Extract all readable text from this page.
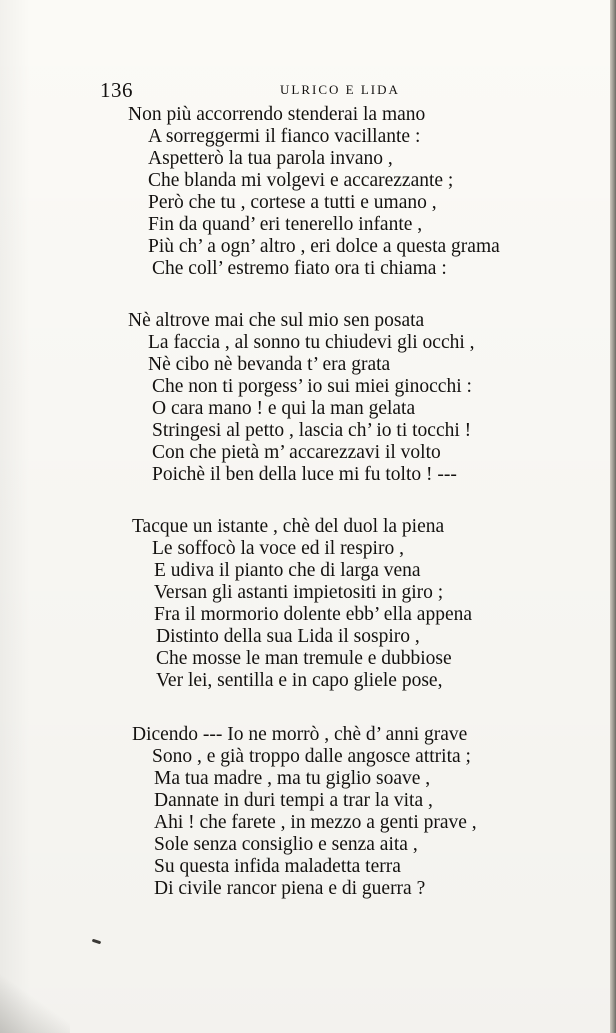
136	ULRICO E LIDA
Non più accorrendo stenderai la mano
A sorreggermi il fianco vacillante :
Aspetterò la tua parola invano ,
Che blanda mi volgevi e accarezzante ;
Però che tu , cortese a tutti e umano ,
Fin da quand’ eri tenerello infante ,
Più ch’ a ogn’ altro , eri dolce a questa grama
Che coll’ estremo fiato ora ti chiama :
Nè altrove mai che sul mio sen posata
La faccia , al sonno tu chiudevi gli occhi ,
Nè cibo nè bevanda t’ era grata
Che non ti porgess’ io sui miei ginocchi :
O cara mano ! e qui la man gelata
Stringesi al petto , lascia ch’ io ti tocchi !
Con che pietà m’ accarezzavi il volto
Poichè il ben della luce mi fu tolto ! ---
Tacque un istante , chè del duol la piena
Le soffocò la voce ed il respiro ,
E udiva il pianto che di larga vena
Versan gli astanti impietositi in giro ;
Fra il mormorio dolente ebb’ ella appena
Distinto della sua Lida il sospiro ,
Che mosse le man tremule e dubbiose
Ver lei, sentilla e in capo gliele pose,
Dicendo --- Io ne morrò , chè d’ anni grave
Sono , e già troppo dalle angosce attrita ;
Ma tua madre , ma tu giglio soave ,
Dannate in duri tempi a trar la vita ,
Ahi ! che farete , in mezzo a genti prave ,
Sole senza consiglio e senza aita ,
Su questa infida maladetta terra
Di civile rancor piena e di guerra ?
